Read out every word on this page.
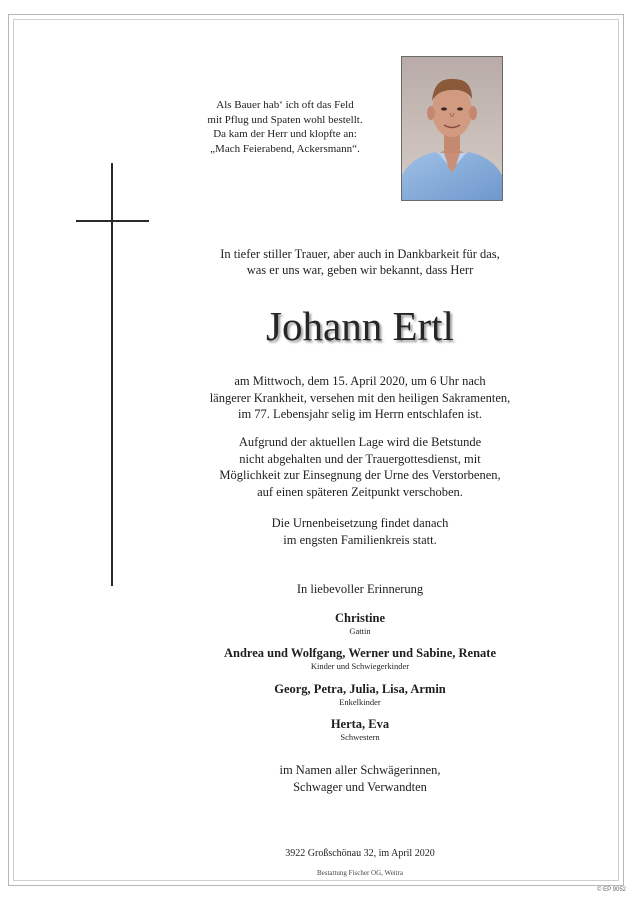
Als Bauer hab‘ ich oft das Feld
mit Pflug und Spaten wohl bestellt.
Da kam der Herr und klopfte an:
„Mach Feierabend, Ackersmann“.
In tiefer stiller Trauer, aber auch in Dankbarkeit für das,
was er uns war, geben wir bekannt, dass Herr
Johann Ertl
am Mittwoch, dem 15. April 2020, um 6 Uhr nach
längerer Krankheit, versehen mit den heiligen Sakramenten,
im 77. Lebensjahr selig im Herrn entschlafen ist.
Aufgrund der aktuellen Lage wird die Betstunde
nicht abgehalten und der Trauergottesdienst, mit
Möglichkeit zur Einsegnung der Urne des Verstorbenen,
auf einen späteren Zeitpunkt verschoben.
Die Urnenbeisetzung findet danach
im engsten Familienkreis statt.
In liebevoller Erinnerung
Christine
Gattin
Andrea und Wolfgang, Werner und Sabine, Renate
Kinder und Schwiegerkinder
Georg, Petra, Julia, Lisa, Armin
Enkelkinder
Herta, Eva
Schwestern
im Namen aller Schwägerinnen,
Schwager und Verwandten
3922 Großschönau 32, im April 2020
Bestattung Fischer OG, Weitra
© EP 9052
